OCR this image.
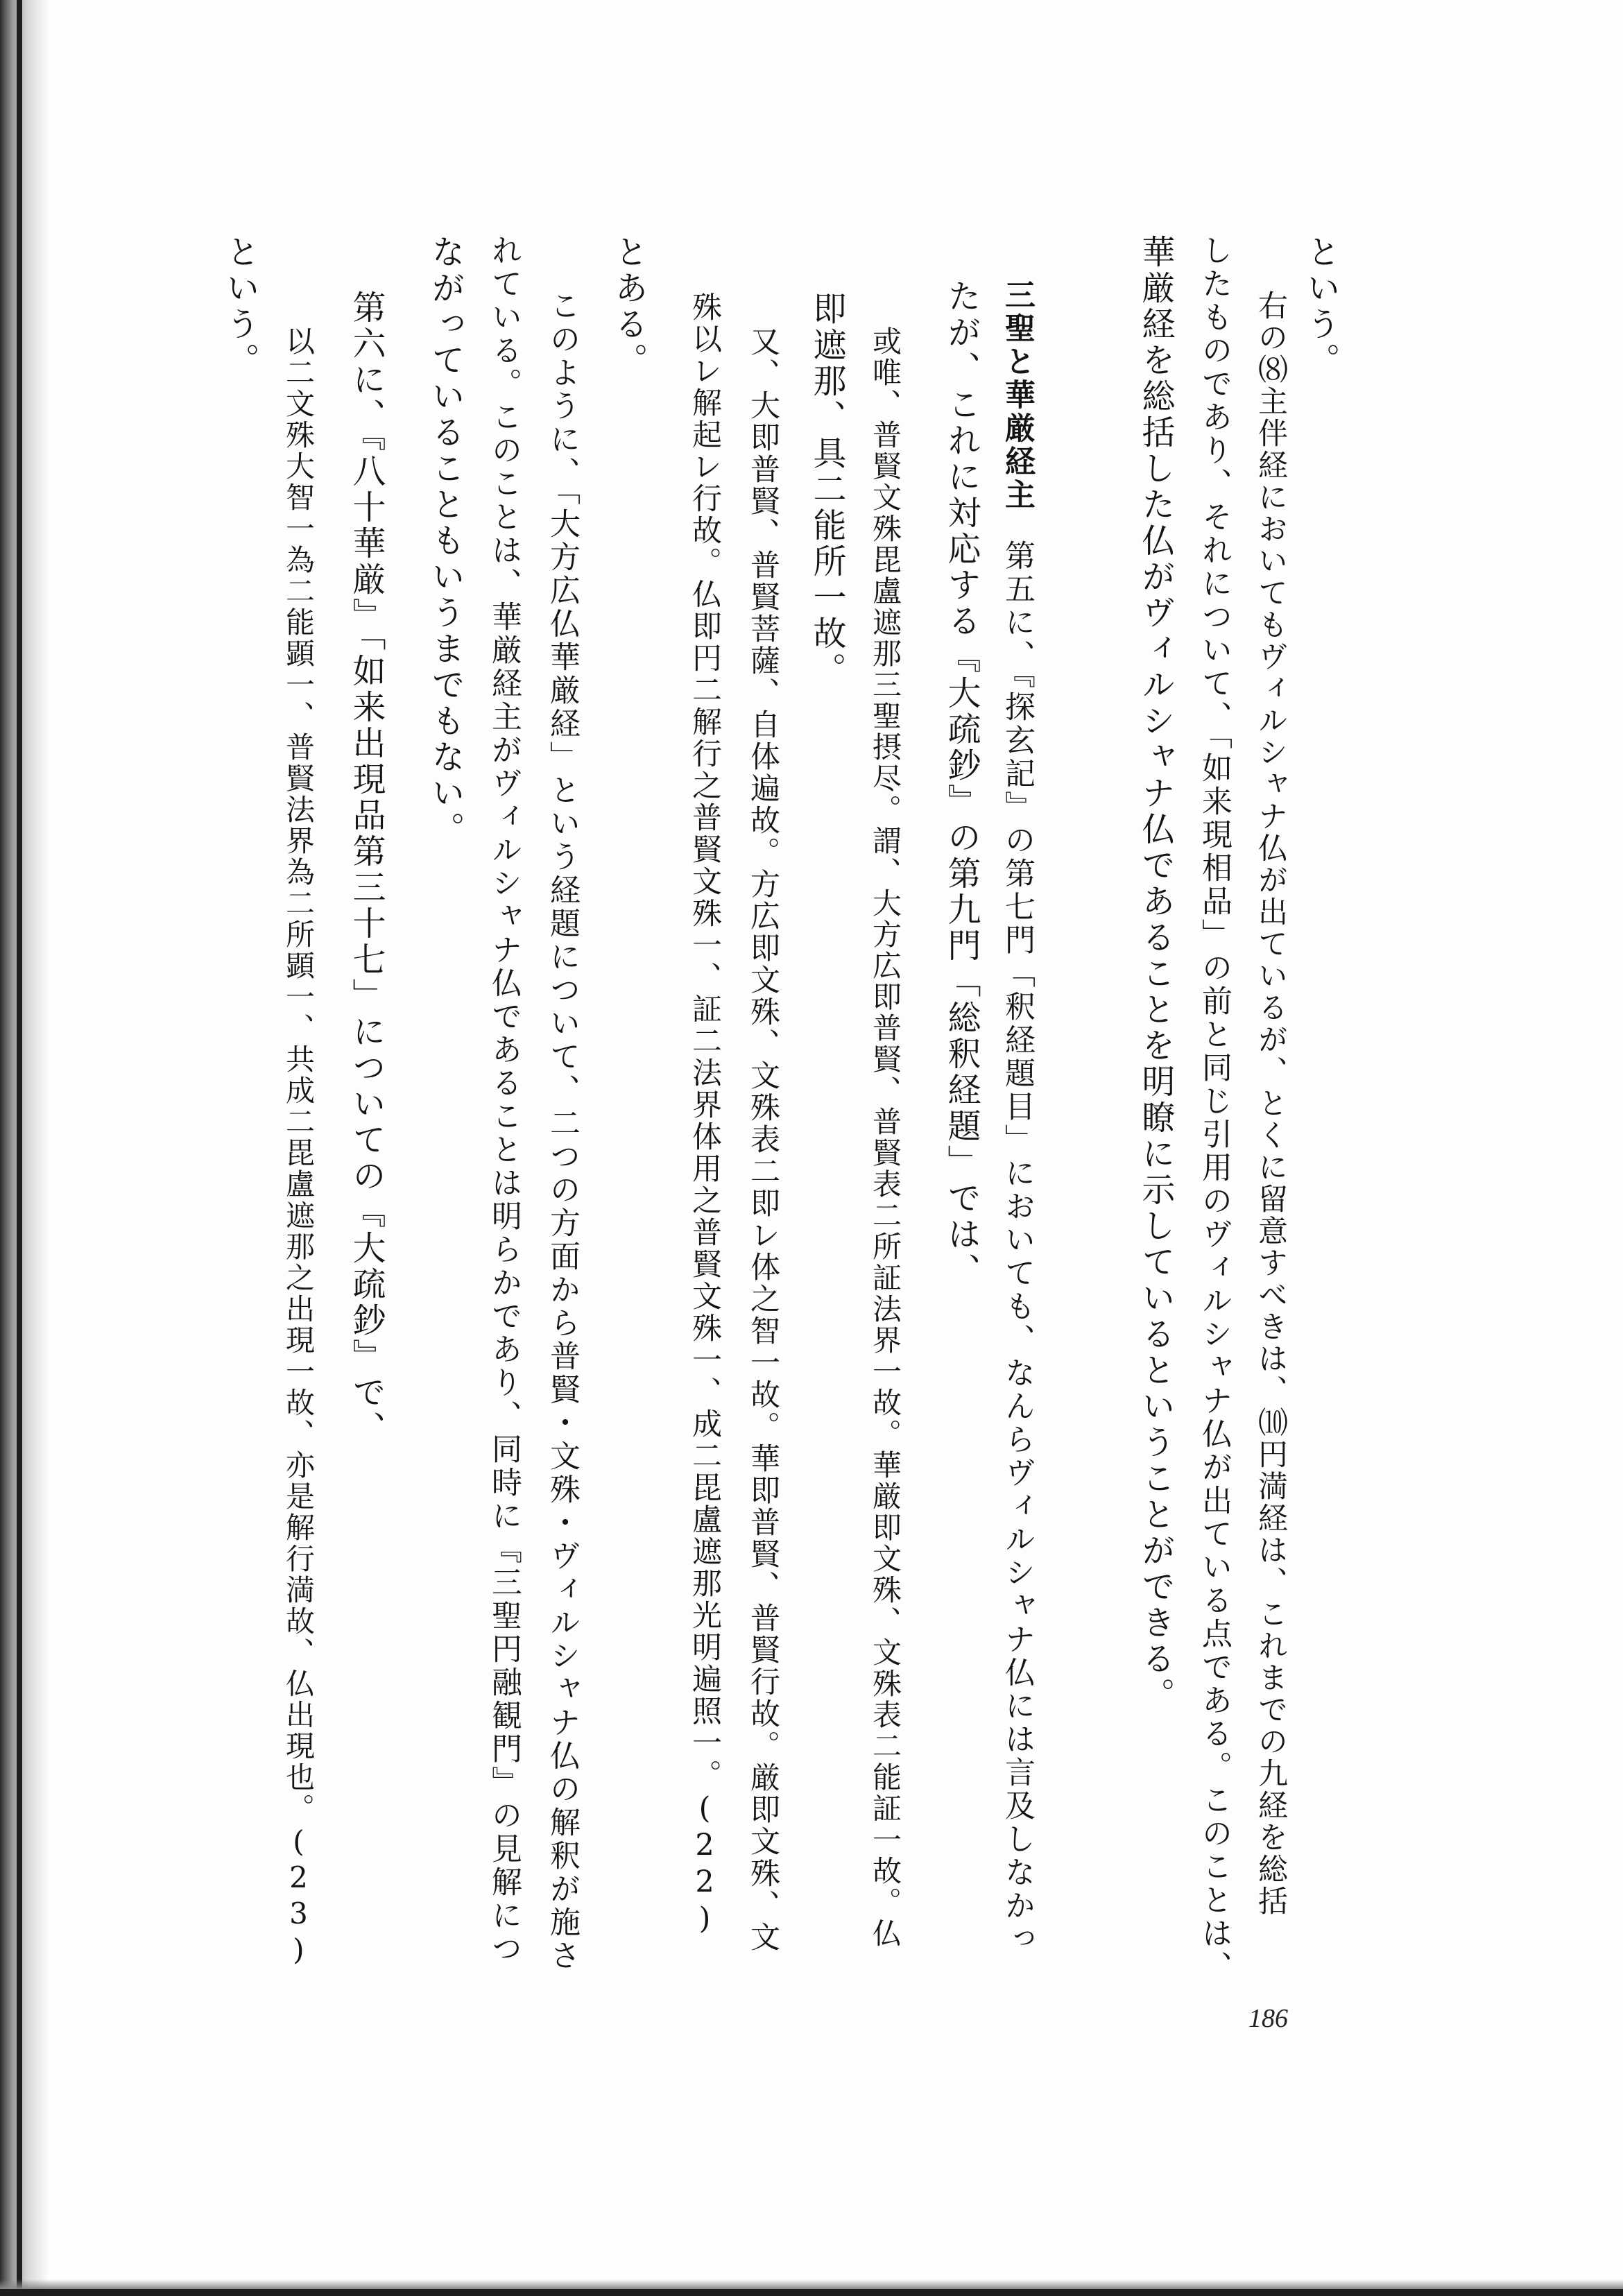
という。
右の⑻主伴経においてもヴィルシャナ仏が出ているが、とくに留意すべきは、⑽円満経は、これまでの九経を総括
したものであり、それについて、「如来現相品」の前と同じ引用のヴィルシャナ仏が出ている点である。このことは、
華厳経を総括した仏がヴィルシャナ仏であることを明瞭に示しているということができる。
三聖と華厳経主第五に、『探玄記』の第七門「釈経題目」においても、なんらヴィルシャナ仏には言及しなかっ
たが、これに対応する『大疏鈔』の第九門「総釈経題」では、
或唯、普賢文殊毘盧遮那三聖摂尽。謂、大方広即普賢、普賢表二所証法界一故。華厳即文殊、文殊表二能証一故。仏
即遮那、具二能所一故。
又、大即普賢、普賢菩薩、自体遍故。方広即文殊、文殊表二即レ体之智一故。華即普賢、普賢行故。厳即文殊、文
殊以レ解起レ行故。仏即円二解行之普賢文殊一、証二法界体用之普賢文殊一、成二毘盧遮那光明遍照一。(22)
とある。
このように、「大方広仏華厳経」という経題について、二つの方面から普賢・文殊・ヴィルシャナ仏の解釈が施さ
れている。このことは、華厳経主がヴィルシャナ仏であることは明らかであり、同時に『三聖円融観門』の見解につ
ながっていることもいうまでもない。
第六に、『八十華厳』「如来出現品第三十七」についての『大疏鈔』で、
以二文殊大智一為二能顕一、普賢法界為二所顕一、共成二毘盧遮那之出現一故、亦是解行満故、仏出現也。(23)
という。
186
